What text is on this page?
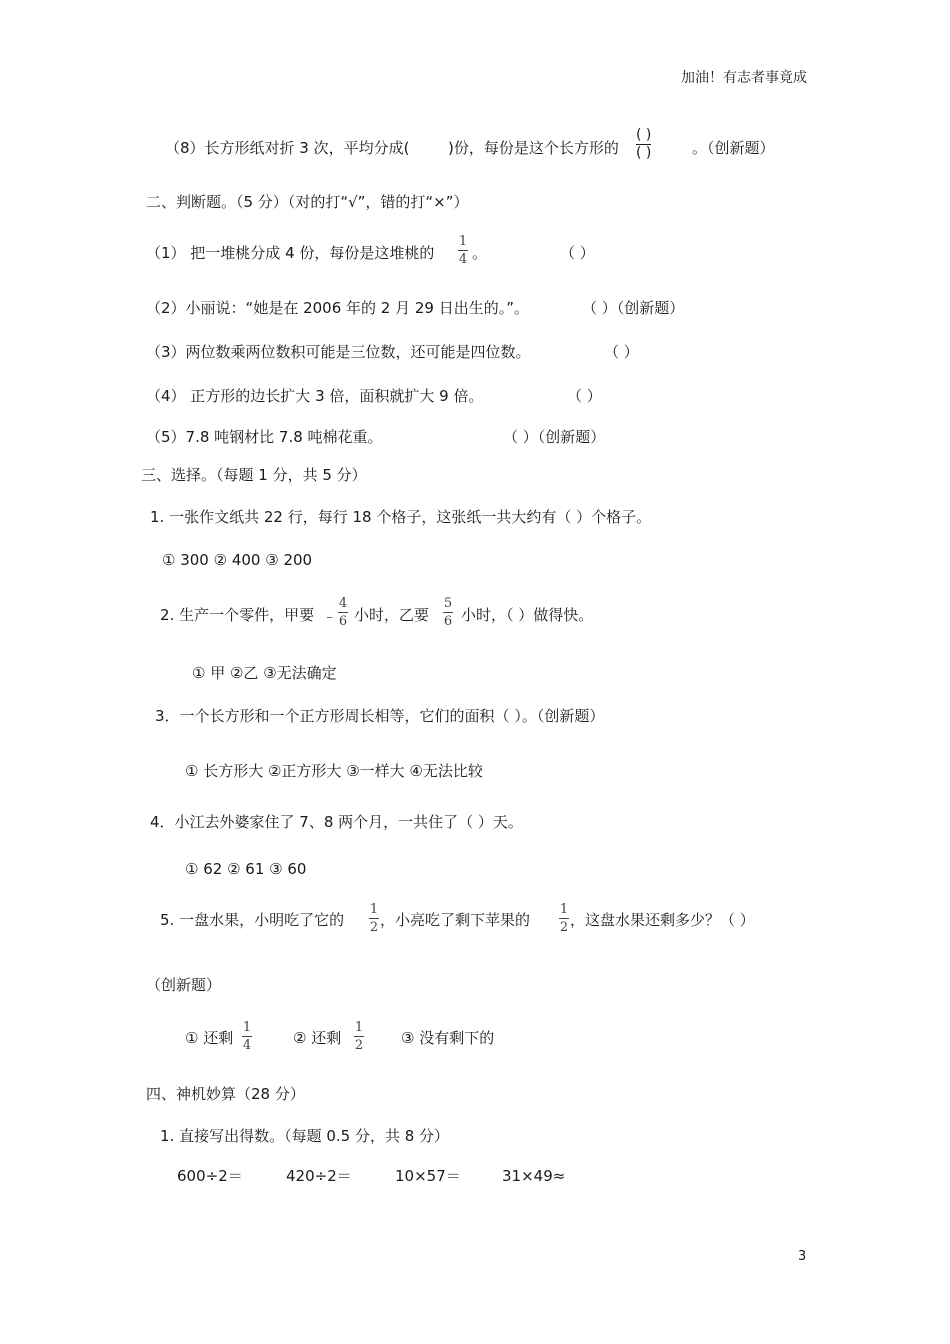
加油！有志者事竟成
（8）长方形纸对折 3 次，平均分成(	)份，每份是这个长方形的
( )
( )	。（创新题）
二、判断题。（5 分）（对的打“√”，错的打“×”）
（1） 把一堆桃分成 4 份，每份是这堆桃的
1
4 。	（ ）
（2）小丽说：“她是在 2006 年的 2 月 29 日出生的。”。	（ ）（创新题）
（3）两位数乘两位数积可能是三位数，还可能是四位数。	（ ）
（4） 正方形的边长扩大 3 倍，面积就扩大 9 倍。	（ ）
（5）7.8 吨钢材比 7.8 吨棉花重。	（ ）（创新题）
三、选择。（每题 1 分，共 5 分）
1. 一张作文纸共 22 行，每行 18 个格子，这张纸一共大约有（ ）个格子。
① 300 ② 400 ③ 200
2. 生产一个零件，甲要
4
6 小时，乙要
5
6 小时，（ ）做得快。
① 甲 ②乙 ③无法确定
3．一个长方形和一个正方形周长相等，它们的面积（ ）。（创新题）
① 长方形大 ②正方形大 ③一样大 ④无法比较
4．小江去外婆家住了 7、8 两个月，一共住了（ ）天。
① 62 ② 61 ③ 60
5. 一盘水果，小明吃了它的
1
2 ，小亮吃了剩下苹果的
1
2 ，这盘水果还剩多少？（ ）
（创新题）
① 还剩
1
4	② 还剩
1
2	③ 没有剩下的
四、神机妙算（28 分）
1. 直接写出得数。（每题 0.5 分，共 8 分）
600÷2＝	420÷2＝	10×57＝	31×49≈
3
